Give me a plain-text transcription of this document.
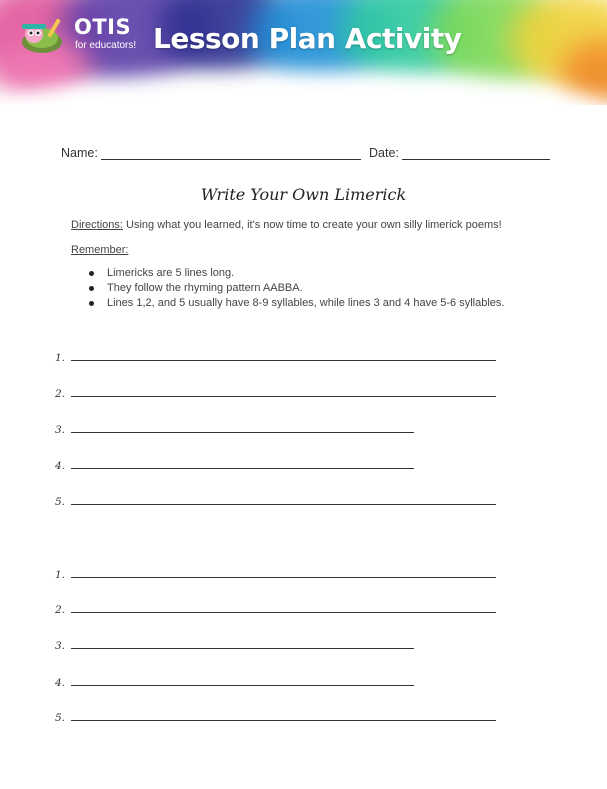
OTIS
for educators! Lesson Plan Activity
Name:	Date:
Write Your Own Limerick
Directions: Using what you learned, it's now time to create your own silly limerick poems!
Remember:
Limericks are 5 lines long.
They follow the rhyming pattern AABBA.
Lines 1,2, and 5 usually have 8-9 syllables, while lines 3 and 4 have 5-6 syllables.
1.
2.
3.
4.
5.
1.
2.
3.
4.
5.
